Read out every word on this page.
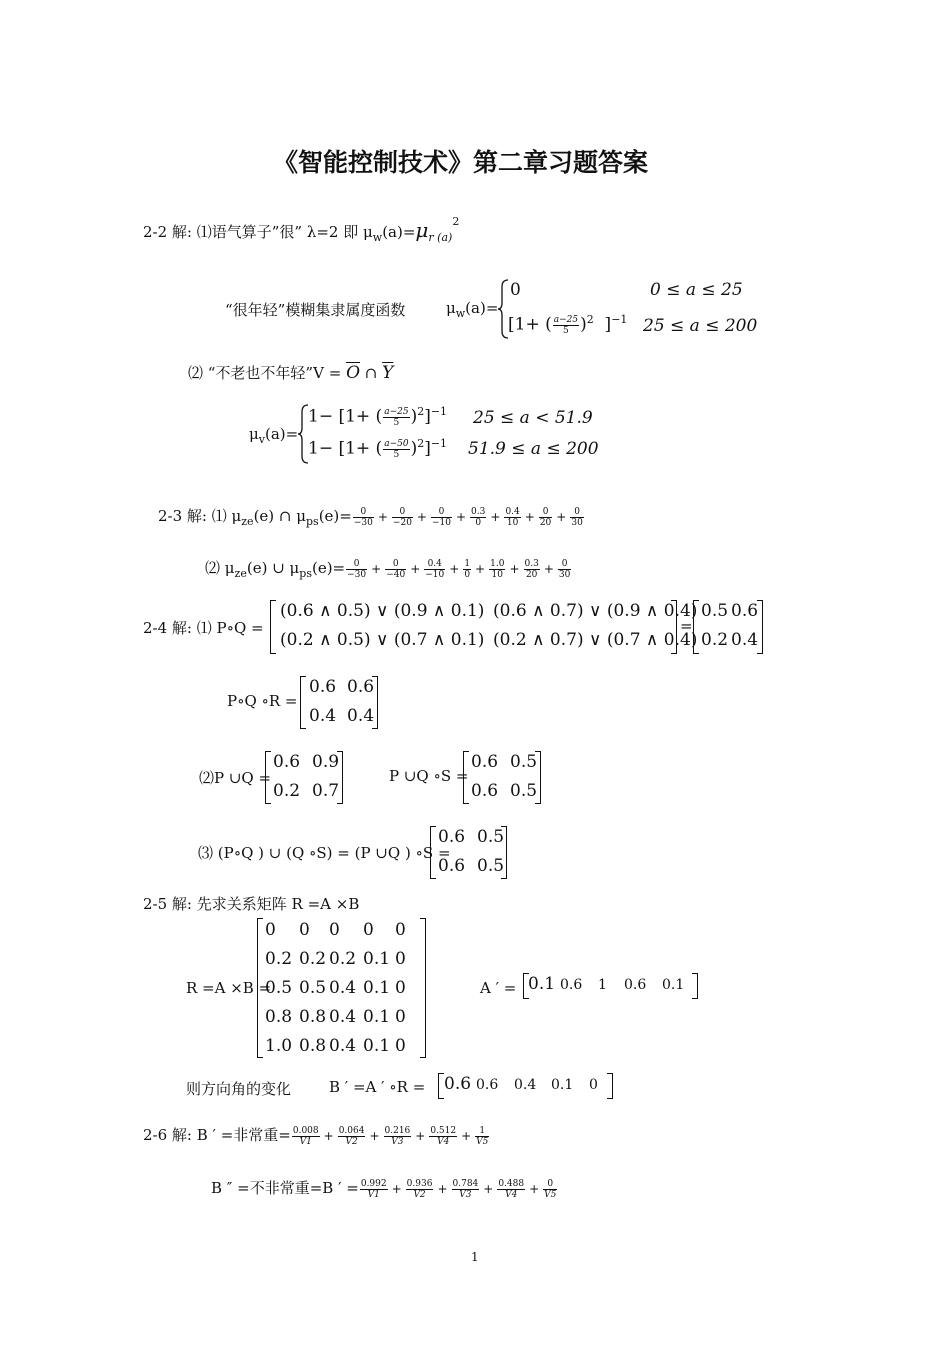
《智能控制技术》第二章习题答案
2-2 解: ⑴语气算子”很” λ=2 即 $\mu_w(a)=\mu_{r (a)}^2$
“很年轻”模糊集隶属度函数	$\mu_w(a)=$
0	0 ≤ a ≤ 25
[1+ ( $\frac{a-25}{5} )^2$ ]$^{-1}$ 25 ≤ a ≤ 200
⑵ “不老也不年轻”V = $\overline{O}$ ∩ $\overline{Y}$
$\mu_v(a)=$
1− [1+ ( $\frac{a-25}{5} )^2]^{-1}$ 25 ≤ a < 51.9
1− [1+ ( $\frac{a-50}{5} )^2]^{-1}$ 51.9 ≤ a ≤ 200
2-3 解: ⑴ $\mu_{ze}(e)$ ∩ $\mu_{ps}(e)= \frac{0}{-30} + \frac{0}{-20} + \frac{0}{-10} + \frac{0.3}{0} + \frac{0.4}{10} + \frac{0}{20} + \frac{0}{30}$
⑵ $\mu_{ze}(e)$ ∪ $\mu_{ps}(e)= \frac{0}{-30} + \frac{0}{-40} + \frac{0.4}{-10} + \frac{1}{0} + \frac{1.0}{10} + \frac{0.3}{20} + \frac{0}{30}$
2-4 解: ⑴ P∘Q =
(0.6 ∧ 0.5) ∨ (0.9 ∧ 0.1) (0.6 ∧ 0.7) ∨ (0.9 ∧ 0.4)
(0.2 ∧ 0.5) ∨ (0.7 ∧ 0.1) (0.2 ∧ 0.7) ∨ (0.7 ∧ 0.4)
=
0.5 0.6
0.2 0.4
P∘Q ∘R =
0.6 0.6
0.4 0.4
⑵P ∪Q =
0.6 0.9
0.2 0.7
P ∪Q ∘S =
0.6 0.5
0.6 0.5
⑶ (P∘Q ) ∪ (Q ∘S) = (P ∪Q ) ∘S =
0.6 0.5
0.6 0.5
2-5 解: 先求关系矩阵 R =A ×B
R =A ×B =
0 0 0 0 0
0.2 0.2 0.2 0.1 0
0.5 0.5 0.4 0.1 0
0.8 0.8 0.4 0.1 0
1.0 0.8 0.4 0.1 0
A ′ = 0.1 0.6 1 0.6 0.1
则方向角的变化	B ′ =A ′ ∘R = 0.6 0.6 0.4 0.1 0
2-6 解: B ′ =非常重= $\frac{0.008}{V1} + \frac{0.064}{V2} + \frac{0.216}{V3} + \frac{0.512}{V4} + \frac{1}{V5}$
B ″ =不非常重=B ′ = $\frac{0.992}{V1} + \frac{0.936}{V2} + \frac{0.784}{V3} + \frac{0.488}{V4} + \frac{0}{V5}$
1
